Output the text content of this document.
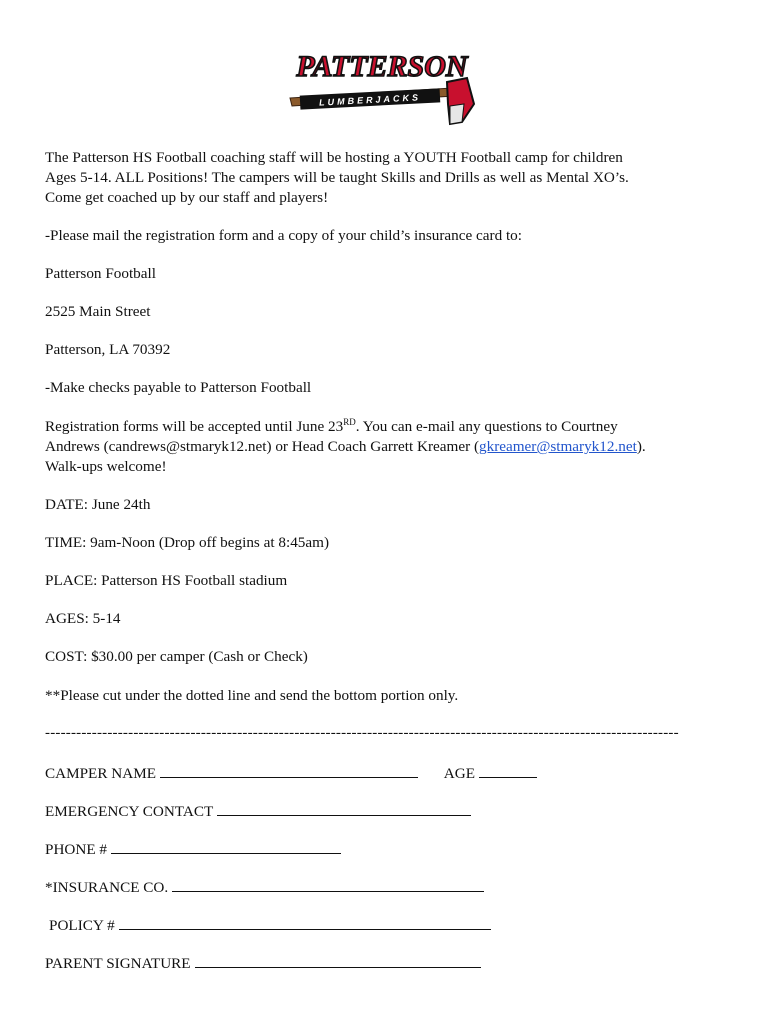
PATTERSON
LUMBERJACKS

The Patterson HS Football coaching staff will be hosting a YOUTH Football camp for children

Ages 5-14. ALL Positions! The campers will be taught Skills and Drills as well as Mental XO’s.

Come get coached up by our staff and players!

-Please mail the registration form and a copy of your child’s insurance card to:

Patterson Football

2525 Main Street

Patterson, LA 70392

-Make checks payable to Patterson Football

Registration forms will be accepted until June 23RD. You can e-mail any questions to Courtney

Andrews (candrews@stmaryk12.net) or Head Coach Garrett Kreamer (gkreamer@stmaryk12.net).

Walk-ups welcome!

DATE: June 24th

TIME: 9am-Noon (Drop off begins at 8:45am)

PLACE: Patterson HS Football stadium

AGES: 5-14

COST: $30.00 per camper (Cash or Check)

**Please cut under the dotted line and send the bottom portion only.

--------------------------------------------------------------------------------------------------------------------------
CAMPER NAME	AGE
EMERGENCY CONTACT
PHONE #
*INSURANCE CO.
POLICY #
PARENT SIGNATURE
